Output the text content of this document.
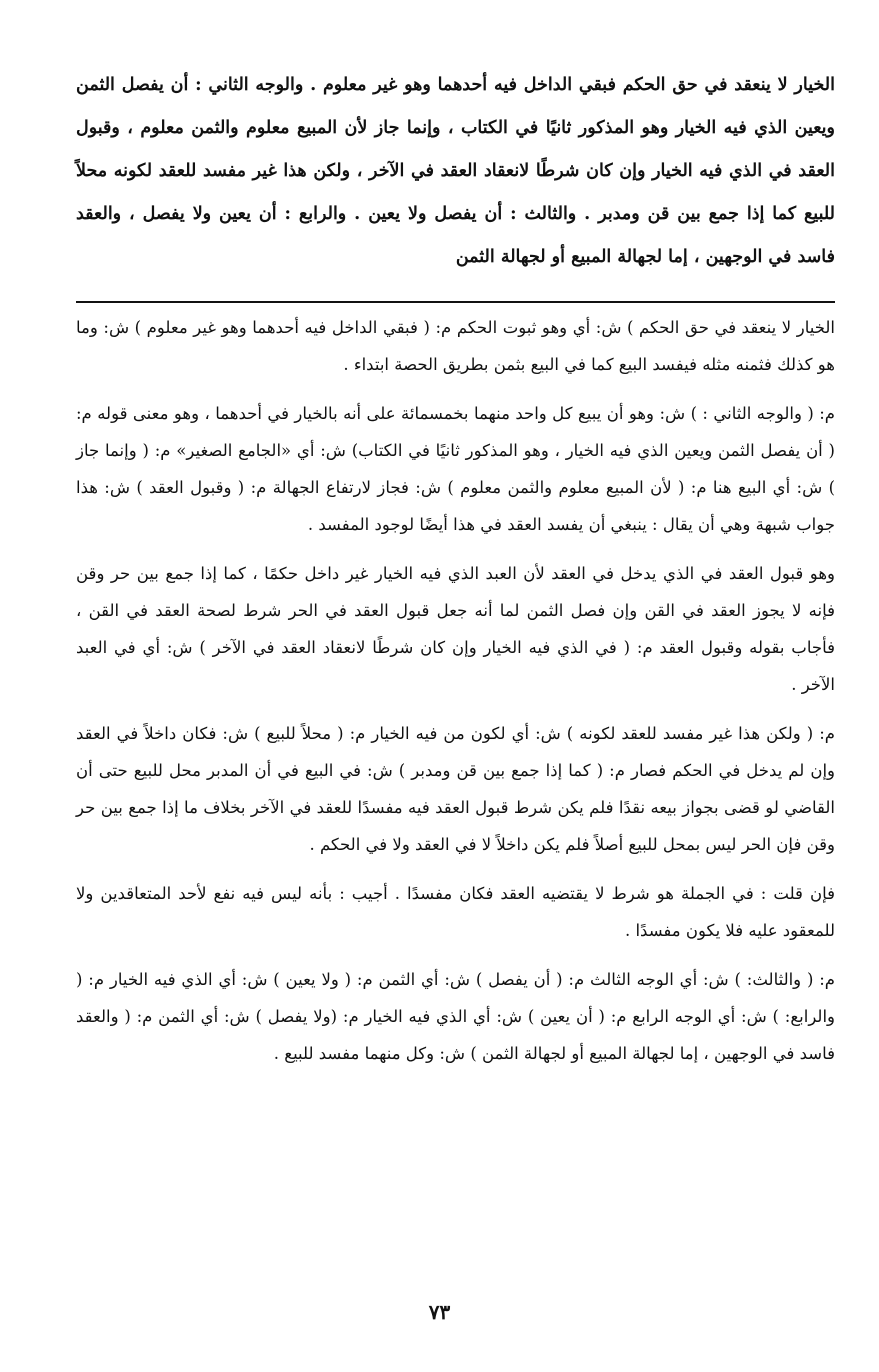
الخيار لا ينعقد في حق الحكم فبقي الداخل فيه أحدهما وهو غير معلوم . والوجه الثاني : أن يفصل الثمن ويعين الذي فيه الخيار وهو المذكور ثانيًا في الكتاب ، وإنما جاز لأن المبيع معلوم والثمن معلوم ، وقبول العقد في الذي فيه الخيار وإن كان شرطًا لانعقاد العقد في الآخر ، ولكن هذا غير مفسد للعقد لكونه محلاً للبيع كما إذا جمع بين قن ومدبر . والثالث : أن يفصل ولا يعين . والرابع : أن يعين ولا يفصل ، والعقد فاسد في الوجهين ، إما لجهالة المبيع أو لجهالة الثمن

الخيار لا ينعقد في حق الحكم ) ش: أي وهو ثبوت الحكم م: ( فبقي الداخل فيه أحدهما وهو غير معلوم ) ش: وما هو كذلك فثمنه مثله فيفسد البيع كما في البيع بثمن بطريق الحصة ابتداء .

م: ( والوجه الثاني : ) ش: وهو أن يبيع كل واحد منهما بخمسمائة على أنه بالخيار في أحدهما ، وهو معنى قوله م: ( أن يفصل الثمن ويعين الذي فيه الخيار ، وهو المذكور ثانيًا في الكتاب) ش: أي «الجامع الصغير» م: ( وإنما جاز ) ش: أي البيع هنا م: ( لأن المبيع معلوم والثمن معلوم ) ش: فجاز لارتفاع الجهالة م: ( وقبول العقد ) ش: هذا جواب شبهة وهي أن يقال : ينبغي أن يفسد العقد في هذا أيضًا لوجود المفسد .

وهو قبول العقد في الذي يدخل في العقد لأن العبد الذي فيه الخيار غير داخل حكمًا ، كما إذا جمع بين حر وقن فإنه لا يجوز العقد في القن وإن فصل الثمن لما أنه جعل قبول العقد في الحر شرط لصحة العقد في القن ، فأجاب بقوله وقبول العقد م: ( في الذي فيه الخيار وإن كان شرطًا لانعقاد العقد في الآخر ) ش: أي في العبد الآخر .

م: ( ولكن هذا غير مفسد للعقد لكونه ) ش: أي لكون من فيه الخيار م: ( محلاً للبيع ) ش: فكان داخلاً في العقد وإن لم يدخل في الحكم فصار م: ( كما إذا جمع بين قن ومدبر ) ش: في البيع في أن المدبر محل للبيع حتى أن القاضي لو قضى بجواز بيعه نقدًا فلم يكن شرط قبول العقد فيه مفسدًا للعقد في الآخر بخلاف ما إذا جمع بين حر وقن فإن الحر ليس بمحل للبيع أصلاً فلم يكن داخلاً لا في العقد ولا في الحكم .

فإن قلت : في الجملة هو شرط لا يقتضيه العقد فكان مفسدًا . أجيب : بأنه ليس فيه نفع لأحد المتعاقدين ولا للمعقود عليه فلا يكون مفسدًا .

م: ( والثالث: ) ش: أي الوجه الثالث م: ( أن يفصل ) ش: أي الثمن م: ( ولا يعين ) ش: أي الذي فيه الخيار م: ( والرابع: ) ش: أي الوجه الرابع م: ( أن يعين ) ش: أي الذي فيه الخيار م: (ولا يفصل ) ش: أي الثمن م: ( والعقد فاسد في الوجهين ، إما لجهالة المبيع أو لجهالة الثمن ) ش: وكل منهما مفسد للبيع .

٧٣
